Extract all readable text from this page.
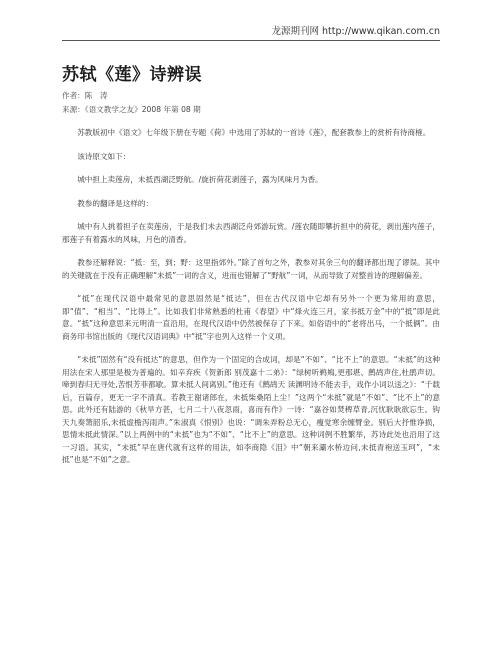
龙源期刊网 http://www.qikan.com.cn
苏轼《莲》诗辨误
作者：陈　涛
来源：《语文教学之友》2008 年第 08 期

苏教版初中《语文》七年级下册在专题《荷》中选用了苏轼的一首诗《莲》，配套教参上的赏析有待商榷。

该诗原文如下：

城中担上卖莲房，未抵西湖泛野航。/旋折荷花剥莲子，露为风味月为香。

教参的翻译是这样的：

城中有人挑着担子在卖莲房，于是我们未去西湖泛舟郊游玩赏。/莲农随即攀折担中的荷花，剥出莲内莲子，那莲子有着露水的风味，月色的清香。

教参还解释说：“抵：至，到；野：这里指郊外。”除了首句之外，教参对其余三句的翻译都出现了谬误。其中的关键就在于没有正确理解“未抵”一词的含义，进而也错解了“野航”一词，从而导致了对整首诗的理解偏差。

“抵”在现代汉语中最常见的意思固然是“抵达”，但在古代汉语中它却有另外一个更为常用的意思，即“值”、“相当”、“比得上”。比如我们非常熟悉的杜甫《春望》中“烽火连三月，家书抵万金”中的“抵”即是此意。“抵”这种意思来元明清一直沿用，在现代汉语中仍然被保存了下来。如俗语中的“老将出马，一个抵俩”。由商务印书馆出版的《现代汉语词典》中“抵”字也列入这样一个义项。

“未抵”固然有“没有抵达”的意思，但作为一个固定的合成词，却是“不如”、“比不上”的意思。“未抵”的这种用法在宋人那里是极为普遍的。如辛弃疾《贺新郎 别茂嘉十二弟》：“绿树听鹈鴂,更那堪、鹧鸪声住,杜鹃声切。啼到春归无寻处,苦恨芳菲都歇。算未抵人间离别。”他还有《鹧鸪天 读渊明诗不能去手，戏作小词以送之》：“千载后，百篇存，更无一字不清真。若教王谢诸郎在，未抵柴桑陌上尘！”这两个“未抵”就是“不如”、“比不上”的意思。此外还有陆游的《秋旱方甚，七月二十八夜忽雨，喜而有作》一诗：“嘉谷如焚稗草青,沉忧耿耿欲忘生。钩天九奏箫韶乐,未抵虚檐泻雨声。”朱淑真《恨别》也说：“调朱弄粉总无心，瘦觉寒余缠臂金。别后大抒惟诤损，思情未抵此情深。”以上两例中的“未抵”也为“不如”、“比不上”的意思。这种词例不胜繁举，苏诗此处也沿用了这一习语。其实，“未抵”早在唐代就有这样的用法，如李商隐《泪》中“朝来灞水桥边问,未抵青袍送玉珂”，“未抵”也是“不如”之意。
